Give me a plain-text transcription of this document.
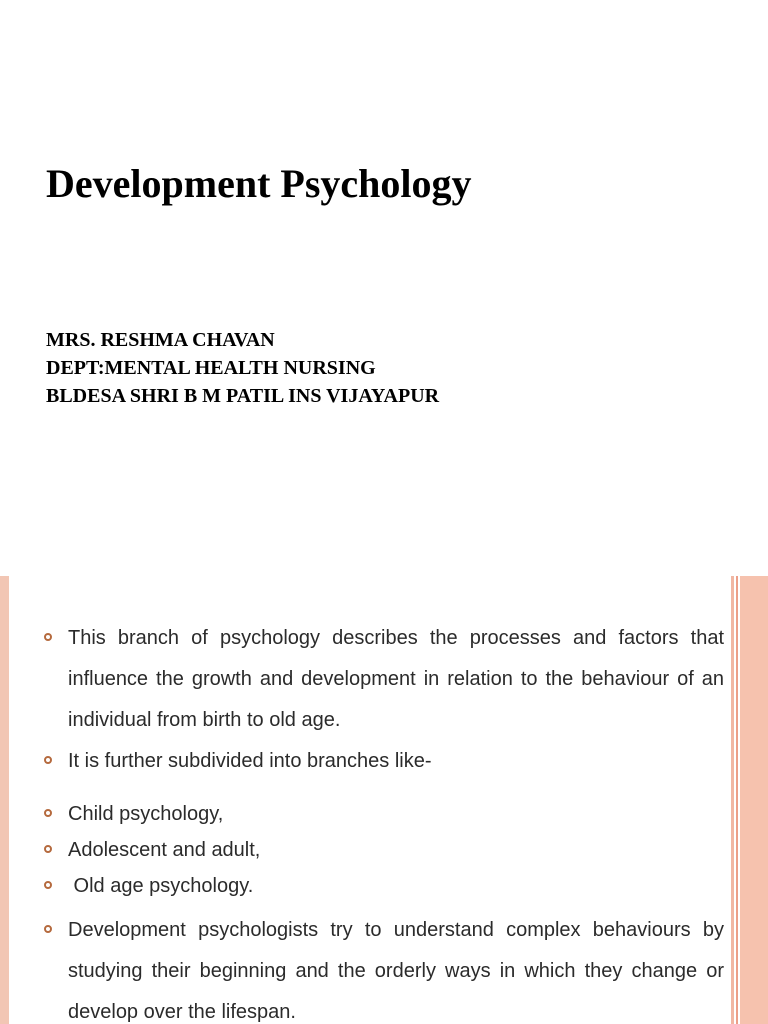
Development Psychology
MRS. RESHMA CHAVAN
DEPT:MENTAL HEALTH NURSING
BLDESA SHRI B M PATIL INS VIJAYAPUR
This branch of psychology describes the processes and factors that influence the growth and development in relation to the behaviour of an individual from birth to old age.
It is further subdivided into branches like-
Child psychology,
Adolescent and adult,
Old age psychology.
Development psychologists try to understand complex behaviours by studying their beginning and the orderly ways in which they change or develop over the lifespan.
